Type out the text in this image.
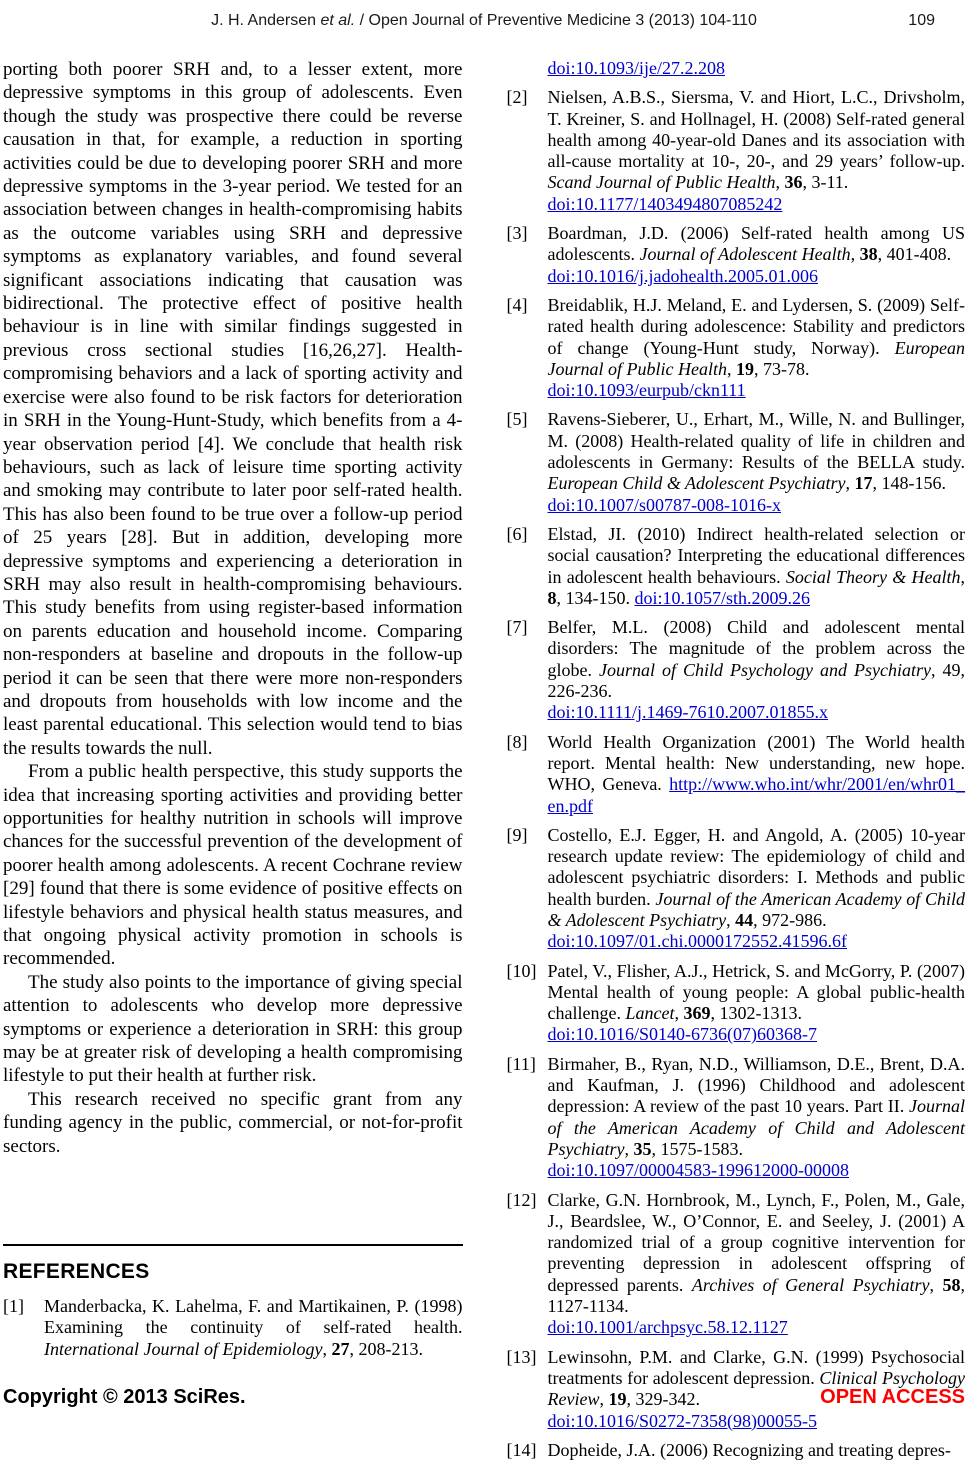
J. H. Andersen et al. / Open Journal of Preventive Medicine 3 (2013) 104-110	109

porting both poorer SRH and, to a lesser extent, more depressive symptoms in this group of adolescents. Even though the study was prospective there could be reverse causation in that, for example, a reduction in sporting activities could be due to developing poorer SRH and more depressive symptoms in the 3-year period. We tested for an association between changes in health-compromising habits as the outcome variables using SRH and depressive symptoms as explanatory variables, and found several significant associations indicating that causation was bidirectional. The protective effect of positive health behaviour is in line with similar findings suggested in previous cross sectional studies [16,26,27]. Health-compromising behaviors and a lack of sporting activity and exercise were also found to be risk factors for deterioration in SRH in the Young-Hunt-Study, which benefits from a 4-year observation period [4]. We conclude that health risk behaviours, such as lack of leisure time sporting activity and smoking may contribute to later poor self-rated health. This has also been found to be true over a follow-up period of 25 years [28]. But in addition, developing more depressive symptoms and experiencing a deterioration in SRH may also result in health-compromising behaviours. This study benefits from using register-based information on parents education and household income. Comparing non-responders at baseline and dropouts in the follow-up period it can be seen that there were more non-responders and dropouts from households with low income and the least parental educational. This selection would tend to bias the results towards the null.

From a public health perspective, this study supports the idea that increasing sporting activities and providing better opportunities for healthy nutrition in schools will improve chances for the successful prevention of the development of poorer health among adolescents. A recent Cochrane review [29] found that there is some evidence of positive effects on lifestyle behaviors and physical health status measures, and that ongoing physical activity promotion in schools is recommended.

The study also points to the importance of giving special attention to adolescents who develop more depressive symptoms or experience a deterioration in SRH: this group may be at greater risk of developing a health compromising lifestyle to put their health at further risk.

This research received no specific grant from any funding agency in the public, commercial, or not-for-profit sectors.

REFERENCES
[1] Manderbacka, K. Lahelma, F. and Martikainen, P. (1998) Examining the continuity of self-rated health. International Journal of Epidemiology, 27, 208-213.
doi:10.1093/ije/27.2.208
[2] Nielsen, A.B.S., Siersma, V. and Hiort, L.C., Drivsholm, T. Kreiner, S. and Hollnagel, H. (2008) Self-rated general health among 40-year-old Danes and its association with all-cause mortality at 10-, 20-, and 29 years’ follow-up. Scand Journal of Public Health, 36, 3-11.
doi:10.1177/1403494807085242
[3] Boardman, J.D. (2006) Self-rated health among US adolescents. Journal of Adolescent Health, 38, 401-408.
doi:10.1016/j.jadohealth.2005.01.006
[4] Breidablik, H.J. Meland, E. and Lydersen, S. (2009) Self-rated health during adolescence: Stability and predictors of change (Young-Hunt study, Norway). European Journal of Public Health, 19, 73-78.
doi:10.1093/eurpub/ckn111
[5] Ravens-Sieberer, U., Erhart, M., Wille, N. and Bullinger, M. (2008) Health-related quality of life in children and adolescents in Germany: Results of the BELLA study. European Child & Adolescent Psychiatry, 17, 148-156.
doi:10.1007/s00787-008-1016-x
[6] Elstad, JI. (2010) Indirect health-related selection or social causation? Interpreting the educational differences in adolescent health behaviours. Social Theory & Health, 8, 134-150. doi:10.1057/sth.2009.26
[7] Belfer, M.L. (2008) Child and adolescent mental disorders: The magnitude of the problem across the globe. Journal of Child Psychology and Psychiatry, 49, 226-236.
doi:10.1111/j.1469-7610.2007.01855.x
[8] World Health Organization (2001) The World health report. Mental health: New understanding, new hope. WHO, Geneva. http://www.who.int/whr/2001/en/whr01_en.pdf
[9] Costello, E.J. Egger, H. and Angold, A. (2005) 10-year research update review: The epidemiology of child and adolescent psychiatric disorders: I. Methods and public health burden. Journal of the American Academy of Child & Adolescent Psychiatry, 44, 972-986.
doi:10.1097/01.chi.0000172552.41596.6f
[10] Patel, V., Flisher, A.J., Hetrick, S. and McGorry, P. (2007) Mental health of young people: A global public-health challenge. Lancet, 369, 1302-1313.
doi:10.1016/S0140-6736(07)60368-7
[11] Birmaher, B., Ryan, N.D., Williamson, D.E., Brent, D.A. and Kaufman, J. (1996) Childhood and adolescent depression: A review of the past 10 years. Part II. Journal of the American Academy of Child and Adolescent Psychiatry, 35, 1575-1583.
doi:10.1097/00004583-199612000-00008
[12] Clarke, G.N. Hornbrook, M., Lynch, F., Polen, M., Gale, J., Beardslee, W., O’Connor, E. and Seeley, J. (2001) A randomized trial of a group cognitive intervention for preventing depression in adolescent offspring of depressed parents. Archives of General Psychiatry, 58, 1127-1134.
doi:10.1001/archpsyc.58.12.1127
[13] Lewinsohn, P.M. and Clarke, G.N. (1999) Psychosocial treatments for adolescent depression. Clinical Psychology Review, 19, 329-342.
doi:10.1016/S0272-7358(98)00055-5
[14] Dopheide, J.A. (2006) Recognizing and treating depres-
Copyright © 2013 SciRes.	OPEN ACCESS
